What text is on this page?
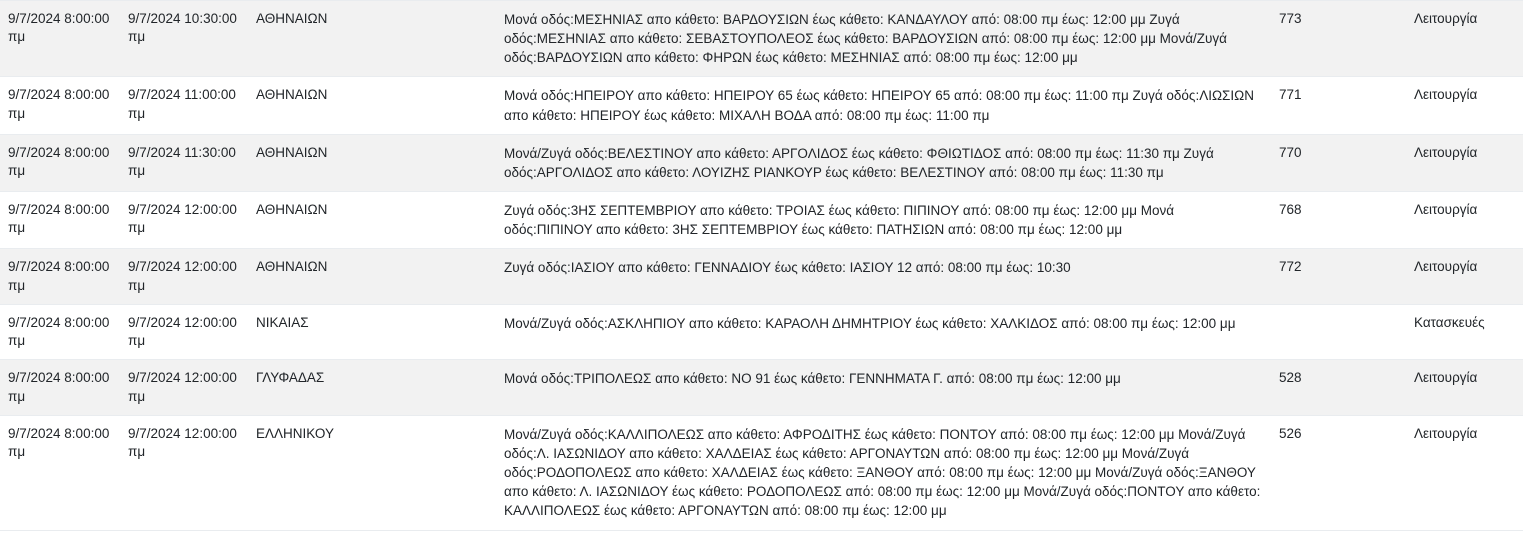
9/7/2024 8:00:00 πμ	9/7/2024 10:30:00 πμ	ΑΘΗΝΑΙΩΝ	Μονά οδός:ΜΕΣΗΝΙΑΣ απο κάθετο: ΒΑΡΔΟΥΣΙΩΝ έως κάθετο: ΚΑΝΔΑΥΛΟΥ από: 08:00 πμ έως: 12:00 μμ Ζυγά οδός:ΜΕΣΗΝΙΑΣ απο κάθετο: ΣΕΒΑΣΤΟΥΠΟΛΕΟΣ έως κάθετο: ΒΑΡΔΟΥΣΙΩΝ από: 08:00 πμ έως: 12:00 μμ Μονά/Ζυγά οδός:ΒΑΡΔΟΥΣΙΩΝ απο κάθετο: ΦΗΡΩΝ έως κάθετο: ΜΕΣΗΝΙΑΣ από: 08:00 πμ έως: 12:00 μμ	773	Λειτουργία

9/7/2024 8:00:00 πμ	9/7/2024 11:00:00 πμ	ΑΘΗΝΑΙΩΝ	Μονά οδός:ΗΠΕΙΡΟΥ απο κάθετο: ΗΠΕΙΡΟΥ 65 έως κάθετο: ΗΠΕΙΡΟΥ 65 από: 08:00 πμ έως: 11:00 πμ Ζυγά οδός:ΛΙΩΣΙΩΝ απο κάθετο: ΗΠΕΙΡΟΥ έως κάθετο: ΜΙΧΑΛΗ ΒΟΔΑ από: 08:00 πμ έως: 11:00 πμ	771	Λειτουργία

9/7/2024 8:00:00 πμ	9/7/2024 11:30:00 πμ	ΑΘΗΝΑΙΩΝ	Μονά/Ζυγά οδός:ΒΕΛΕΣΤΙΝΟΥ απο κάθετο: ΑΡΓΟΛΙΔΟΣ έως κάθετο: ΦΘΙΩΤΙΔΟΣ από: 08:00 πμ έως: 11:30 πμ Ζυγά οδός:ΑΡΓΟΛΙΔΟΣ απο κάθετο: ΛΟΥΙΖΗΣ ΡΙΑΝΚΟΥΡ έως κάθετο: ΒΕΛΕΣΤΙΝΟΥ από: 08:00 πμ έως: 11:30 πμ	770	Λειτουργία

9/7/2024 8:00:00 πμ	9/7/2024 12:00:00 πμ	ΑΘΗΝΑΙΩΝ	Ζυγά οδός:3ΗΣ ΣΕΠΤΕΜΒΡΙΟΥ απο κάθετο: ΤΡΟΙΑΣ έως κάθετο: ΠΙΠΙΝΟΥ από: 08:00 πμ έως: 12:00 μμ Μονά οδός:ΠΙΠΙΝΟΥ απο κάθετο: 3ΗΣ ΣΕΠΤΕΜΒΡΙΟΥ έως κάθετο: ΠΑΤΗΣΙΩΝ από: 08:00 πμ έως: 12:00 μμ	768	Λειτουργία

9/7/2024 8:00:00 πμ	9/7/2024 12:00:00 πμ	ΑΘΗΝΑΙΩΝ	Ζυγά οδός:ΙΑΣΙΟΥ απο κάθετο: ΓΕΝΝΑΔΙΟΥ έως κάθετο: ΙΑΣΙΟΥ 12 από: 08:00 πμ έως: 10:30	772	Λειτουργία

9/7/2024 8:00:00 πμ	9/7/2024 12:00:00 πμ	ΝΙΚΑΙΑΣ	Μονά/Ζυγά οδός:ΑΣΚΛΗΠΙΟΥ απο κάθετο: ΚΑΡΑΟΛΗ ΔΗΜΗΤΡΙΟΥ έως κάθετο: ΧΑΛΚΙΔΟΣ από: 08:00 πμ έως: 12:00 μμ		Κατασκευές

9/7/2024 8:00:00 πμ	9/7/2024 12:00:00 πμ	ΓΛΥΦΑΔΑΣ	Μονά οδός:ΤΡΙΠΟΛΕΩΣ απο κάθετο: ΝΟ 91 έως κάθετο: ΓΕΝΝΗΜΑΤΑ Γ. από: 08:00 πμ έως: 12:00 μμ	528	Λειτουργία

9/7/2024 8:00:00 πμ	9/7/2024 12:00:00 πμ	ΕΛΛΗΝΙΚΟΥ	Μονά/Ζυγά οδός:ΚΑΛΛΙΠΟΛΕΩΣ απο κάθετο: ΑΦΡΟΔΙΤΗΣ έως κάθετο: ΠΟΝΤΟΥ από: 08:00 πμ έως: 12:00 μμ Μονά/Ζυγά οδός:Λ. ΙΑΣΩΝΙΔΟΥ απο κάθετο: ΧΑΛΔΕΙΑΣ έως κάθετο: ΑΡΓΟΝΑΥΤΩΝ από: 08:00 πμ έως: 12:00 μμ Μονά/Ζυγά οδός:ΡΟΔΟΠΟΛΕΩΣ απο κάθετο: ΧΑΛΔΕΙΑΣ έως κάθετο: ΞΑΝΘΟΥ από: 08:00 πμ έως: 12:00 μμ Μονά/Ζυγά οδός:ΞΑΝΘΟΥ απο κάθετο: Λ. ΙΑΣΩΝΙΔΟΥ έως κάθετο: ΡΟΔΟΠΟΛΕΩΣ από: 08:00 πμ έως: 12:00 μμ Μονά/Ζυγά οδός:ΠΟΝΤΟΥ απο κάθετο: ΚΑΛΛΙΠΟΛΕΩΣ έως κάθετο: ΑΡΓΟΝΑΥΤΩΝ από: 08:00 πμ έως: 12:00 μμ	526	Λειτουργία
